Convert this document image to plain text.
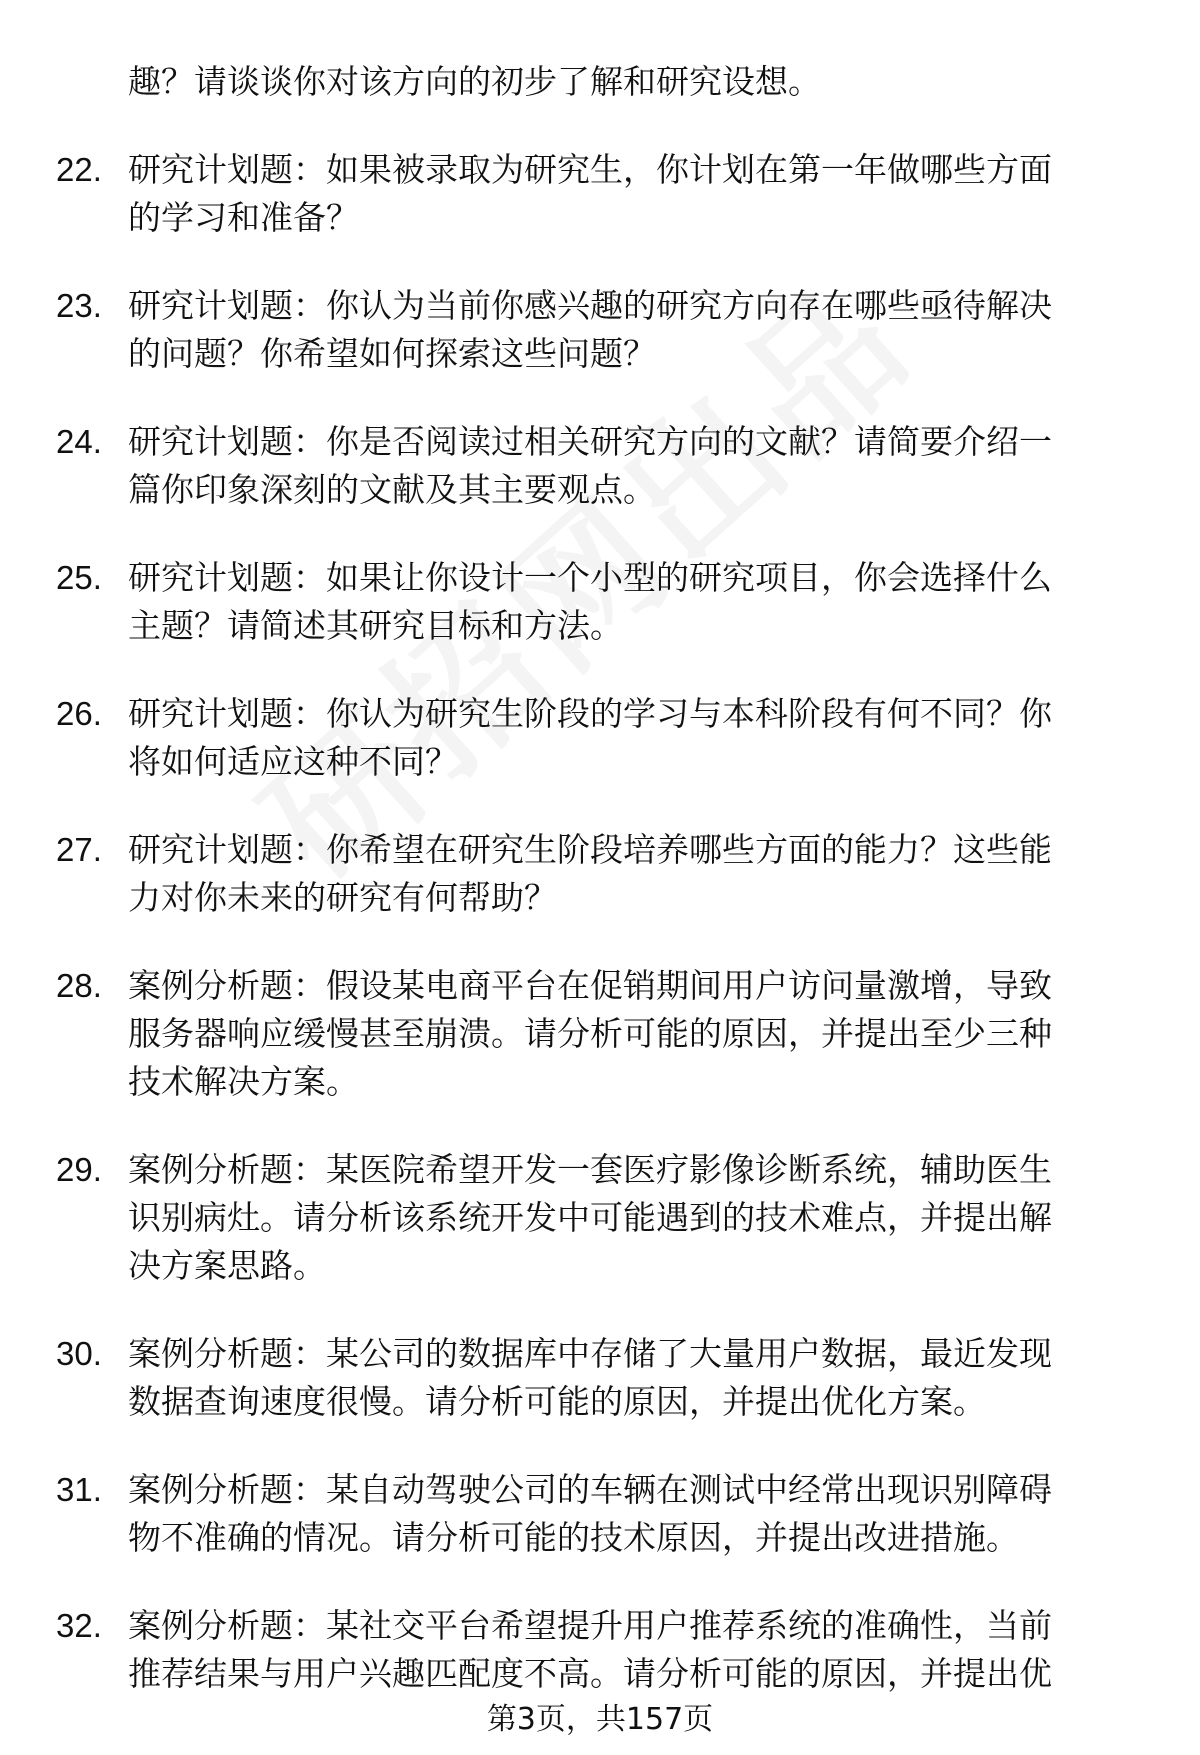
趣？请谈谈你对该方向的初步了解和研究设想。
22. 研究计划题：如果被录取为研究生，你计划在第一年做哪些方面
的学习和准备？
23. 研究计划题：你认为当前你感兴趣的研究方向存在哪些亟待解决
的问题？你希望如何探索这些问题？
24. 研究计划题：你是否阅读过相关研究方向的文献？请简要介绍一
篇你印象深刻的文献及其主要观点。
25. 研究计划题：如果让你设计一个小型的研究项目，你会选择什么
主题？请简述其研究目标和方法。
26. 研究计划题：你认为研究生阶段的学习与本科阶段有何不同？你
将如何适应这种不同？
27. 研究计划题：你希望在研究生阶段培养哪些方面的能力？这些能
力对你未来的研究有何帮助？
28. 案例分析题：假设某电商平台在促销期间用户访问量激增，导致
服务器响应缓慢甚至崩溃。请分析可能的原因，并提出至少三种
技术解决方案。
29. 案例分析题：某医院希望开发一套医疗影像诊断系统，辅助医生
识别病灶。请分析该系统开发中可能遇到的技术难点，并提出解
决方案思路。
30. 案例分析题：某公司的数据库中存储了大量用户数据，最近发现
数据查询速度很慢。请分析可能的原因，并提出优化方案。
31. 案例分析题：某自动驾驶公司的车辆在测试中经常出现识别障碍
物不准确的情况。请分析可能的技术原因，并提出改进措施。
32. 案例分析题：某社交平台希望提升用户推荐系统的准确性，当前
推荐结果与用户兴趣匹配度不高。请分析可能的原因，并提出优
第3页，共157页
